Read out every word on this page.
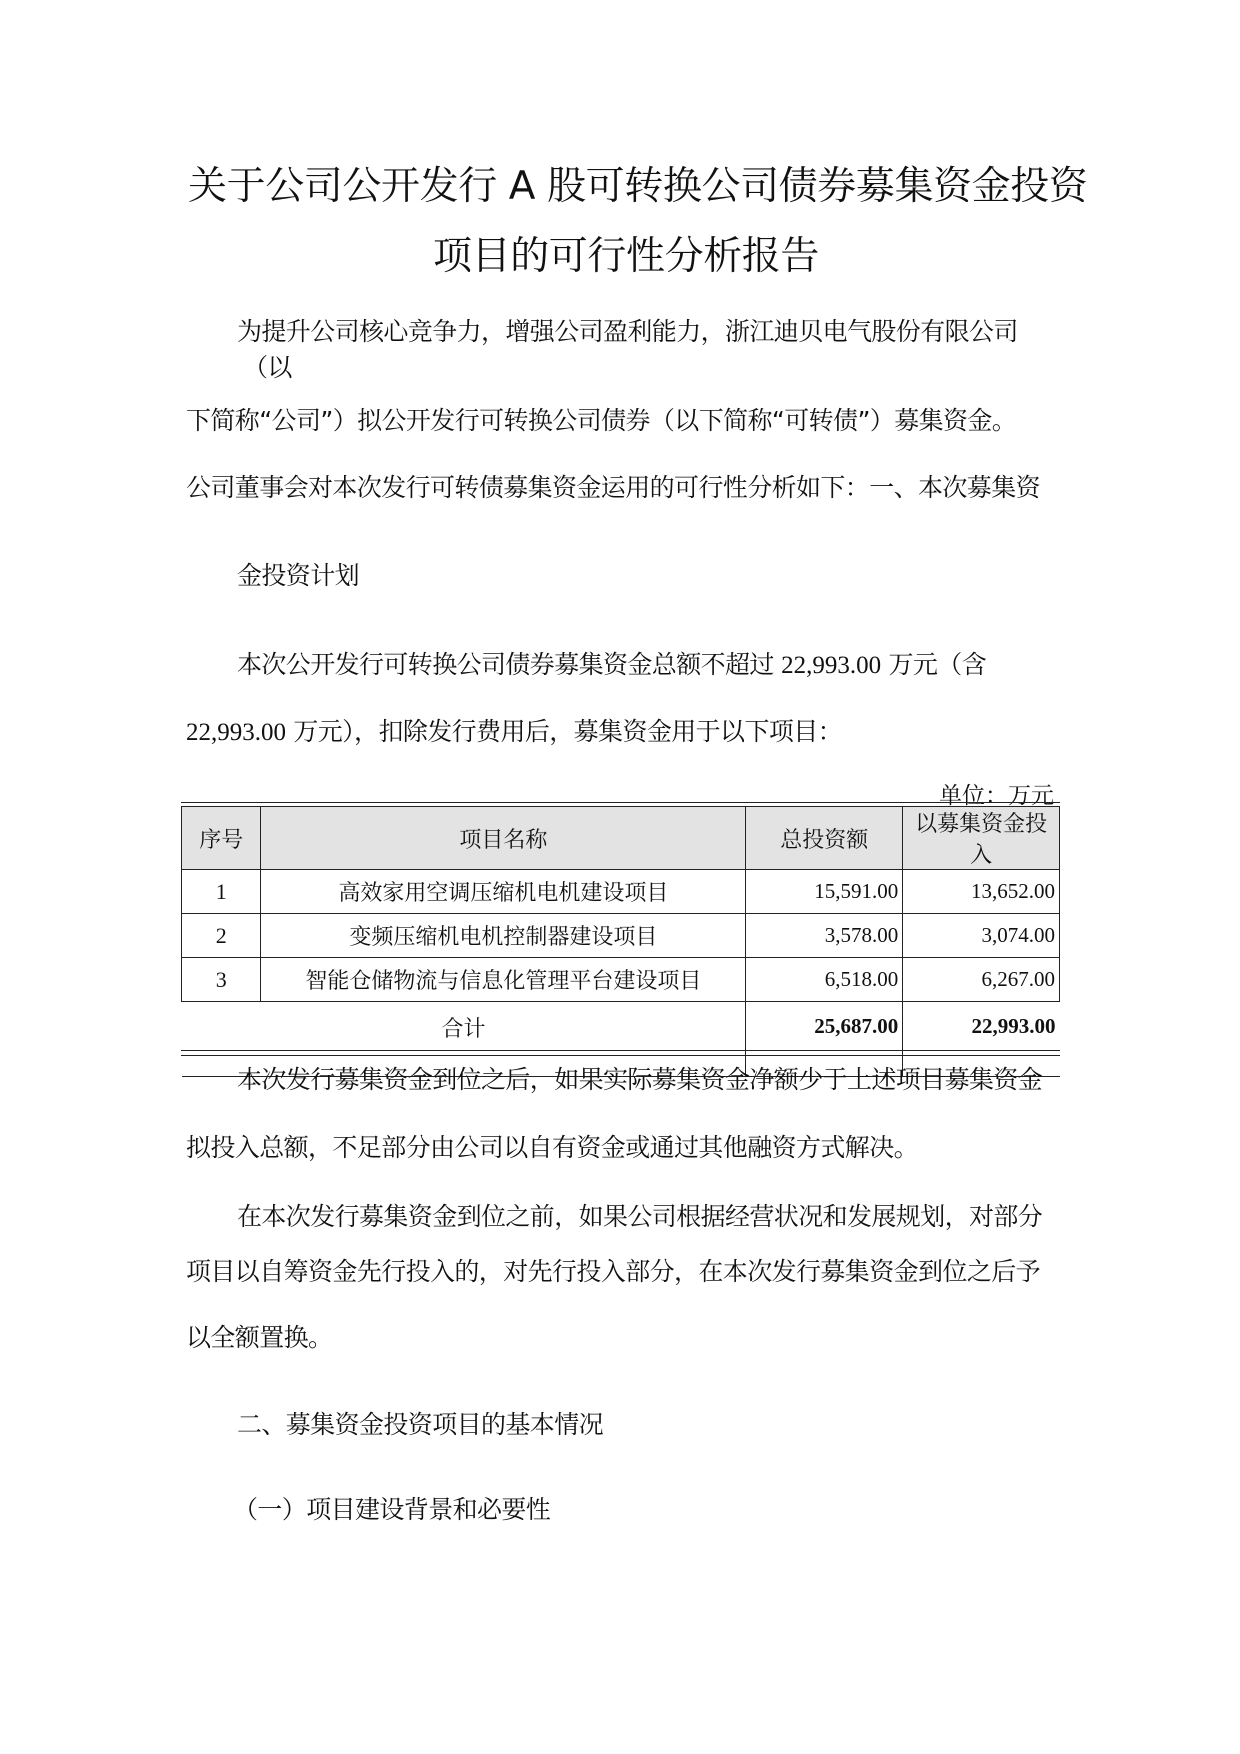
关于公司公开发行 A 股可转换公司债券募集资金投资
项目的可行性分析报告
为提升公司核心竞争力，增强公司盈利能力，浙江迪贝电气股份有限公司
（以
下简称“公司”）拟公开发行可转换公司债券（以下简称“可转债”）募集资金。
公司董事会对本次发行可转债募集资金运用的可行性分析如下：一、本次募集资
金投资计划
本次公开发行可转换公司债券募集资金总额不超过 22,993.00 万元（含
22,993.00 万元），扣除发行费用后，募集资金用于以下项目：
单位：万元
序号	项目名称	总投资额	以募集资金投入
1	高效家用空调压缩机电机建设项目	15,591.00	13,652.00
2	变频压缩机电机控制器建设项目	3,578.00	3,074.00
3	智能仓储物流与信息化管理平台建设项目	6,518.00	6,267.00
合计		25,687.00	22,993.00
本次发行募集资金到位之后，如果实际募集资金净额少于上述项目募集资金
拟投入总额，不足部分由公司以自有资金或通过其他融资方式解决。
在本次发行募集资金到位之前，如果公司根据经营状况和发展规划，对部分
项目以自筹资金先行投入的，对先行投入部分，在本次发行募集资金到位之后予
以全额置换。
二、募集资金投资项目的基本情况
（一）项目建设背景和必要性
